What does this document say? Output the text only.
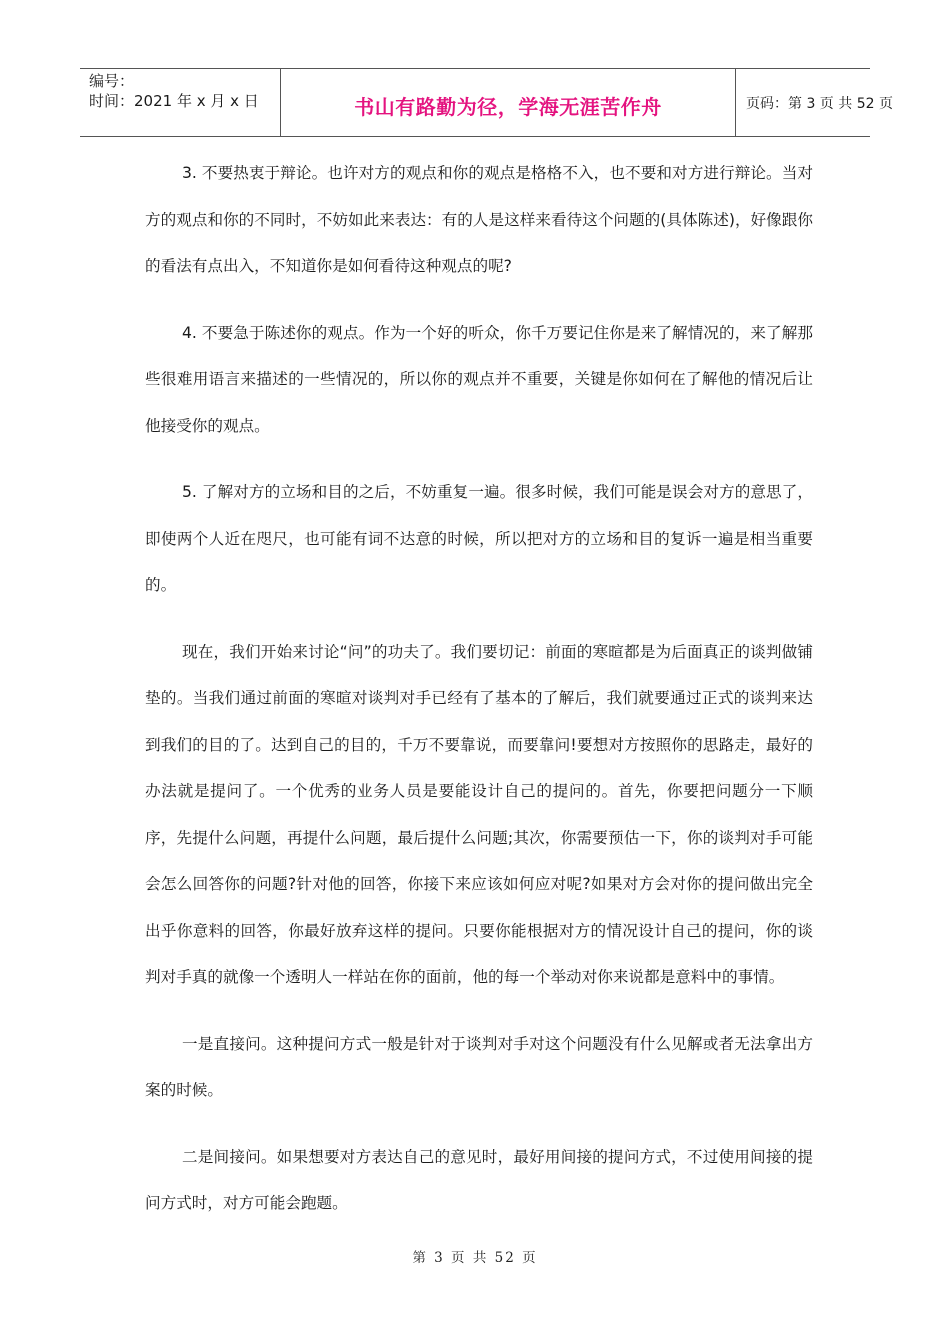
编号：
时间：2021 年 x 月 x 日	书山有路勤为径，学海无涯苦作舟	页码：第 3 页 共 52 页

3. 不要热衷于辩论。也许对方的观点和你的观点是格格不入，也不要和对方进行辩论。当对方的观点和你的不同时，不妨如此来表达：有的人是这样来看待这个问题的(具体陈述)，好像跟你的看法有点出入，不知道你是如何看待这种观点的呢?

4. 不要急于陈述你的观点。作为一个好的听众，你千万要记住你是来了解情况的，来了解那些很难用语言来描述的一些情况的，所以你的观点并不重要，关键是你如何在了解他的情况后让他接受你的观点。

5. 了解对方的立场和目的之后，不妨重复一遍。很多时候，我们可能是误会对方的意思了，即使两个人近在咫尺，也可能有词不达意的时候，所以把对方的立场和目的复诉一遍是相当重要的。

现在，我们开始来讨论“问”的功夫了。我们要切记：前面的寒暄都是为后面真正的谈判做铺垫的。当我们通过前面的寒暄对谈判对手已经有了基本的了解后，我们就要通过正式的谈判来达到我们的目的了。达到自己的目的，千万不要靠说，而要靠问!要想对方按照你的思路走，最好的办法就是提问了。一个优秀的业务人员是要能设计自己的提问的。首先，你要把问题分一下顺序，先提什么问题，再提什么问题，最后提什么问题;其次，你需要预估一下，你的谈判对手可能会怎么回答你的问题?针对他的回答，你接下来应该如何应对呢?如果对方会对你的提问做出完全出乎你意料的回答，你最好放弃这样的提问。只要你能根据对方的情况设计自己的提问，你的谈判对手真的就像一个透明人一样站在你的面前，他的每一个举动对你来说都是意料中的事情。

一是直接问。这种提问方式一般是针对于谈判对手对这个问题没有什么见解或者无法拿出方案的时候。

二是间接问。如果想要对方表达自己的意见时，最好用间接的提问方式，不过使用间接的提问方式时，对方可能会跑题。

第 3 页 共 52 页
